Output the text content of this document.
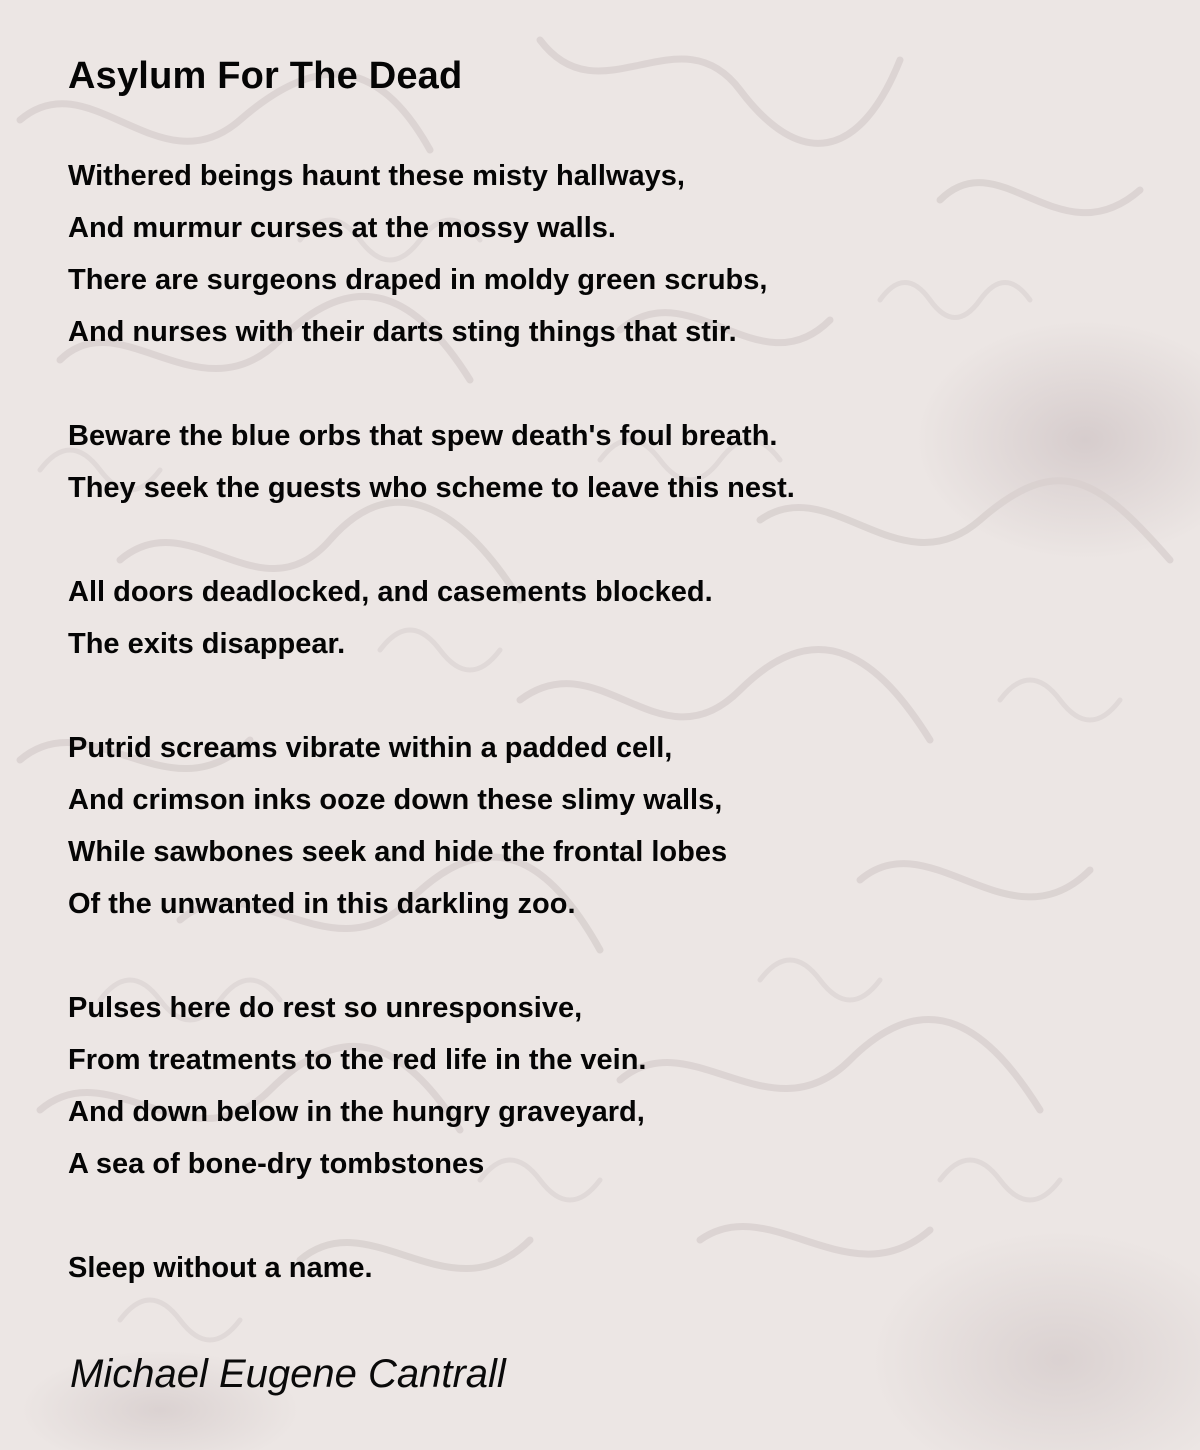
Asylum For The Dead
Withered beings haunt these misty hallways,
And murmur curses at the mossy walls.
There are surgeons draped in moldy green scrubs,
And nurses with their darts sting things that stir.
Beware the blue orbs that spew death's foul breath.
They seek the guests who scheme to leave this nest.
All doors deadlocked, and casements blocked.
The exits disappear.
Putrid screams vibrate within a padded cell,
And crimson inks ooze down these slimy walls,
While sawbones seek and hide the frontal lobes
Of the unwanted in this darkling zoo.
Pulses here do rest so unresponsive,
From treatments to the red life in the vein.
And down below in the hungry graveyard,
A sea of bone-dry tombstones
Sleep without a name.

Michael Eugene Cantrall
